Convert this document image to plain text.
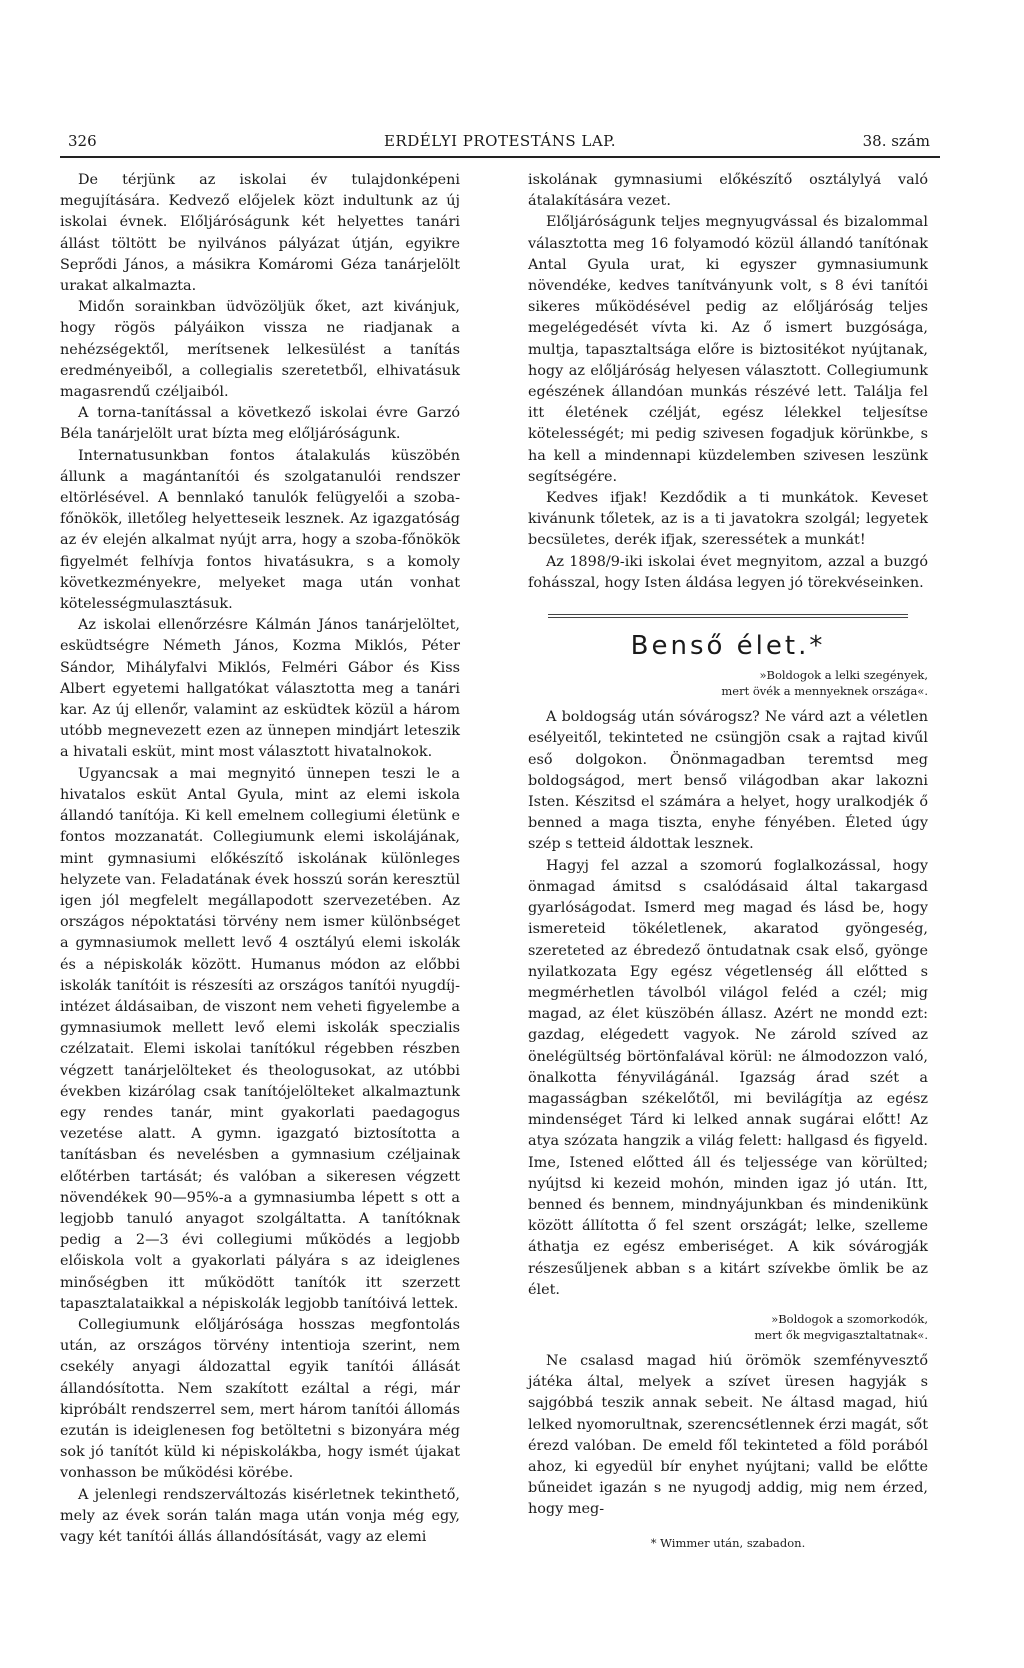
326	ERDÉLYI PROTESTÁNS LAP.	38. szám

De térjünk az iskolai év tulajdonképeni megujítására. Kedvező előjelek közt indultunk az új iskolai évnek. Előljáróságunk két helyettes tanári állást töltött be nyilvános pályázat útján, egyikre Seprődi János, a másikra Komáromi Géza tanárjelölt urakat alkalmazta.

Midőn sorainkban üdvözöljük őket, azt kivánjuk, hogy rögös pályáikon vissza ne riadjanak a nehézségektől, merítsenek lelkesülést a tanítás eredményeiből, a collegialis szeretetből, elhivatásuk magasrendű czéljaiból.

A torna-tanítással a következő iskolai évre Garzó Béla tanárjelölt urat bízta meg előljáróságunk.

Internatusunkban fontos átalakulás küszöbén állunk a magántanítói és szolgatanulói rendszer eltörlésével. A bennlakó tanulók felügyelői a szoba-főnökök, illetőleg helyetteseik lesznek. Az igazgatóság az év elején alkalmat nyújt arra, hogy a szoba-főnökök figyelmét felhívja fontos hivatásukra, s a komoly következményekre, melyeket maga után vonhat kötelességmulasztásuk.

Az iskolai ellenőrzésre Kálmán János tanárjelöltet, esküdtségre Németh János, Kozma Miklós, Péter Sándor, Mihályfalvi Miklós, Felméri Gábor és Kiss Albert egyetemi hallgatókat választotta meg a tanári kar. Az új ellenőr, valamint az esküdtek közül a három utóbb megnevezett ezen az ünnepen mindjárt leteszik a hivatali esküt, mint most választott hivatalnokok.

Ugyancsak a mai megnyitó ünnepen teszi le a hivatalos esküt Antal Gyula, mint az elemi iskola állandó tanítója. Ki kell emelnem collegiumi életünk e fontos mozzanatát. Collegiumunk elemi iskolájának, mint gymnasiumi előkészítő iskolának különleges helyzete van. Feladatának évek hosszú során keresztül igen jól megfelelt megállapodott szervezetében. Az országos népoktatási törvény nem ismer különbséget a gymnasiumok mellett levő 4 osztályú elemi iskolák és a népiskolák között. Humanus módon az előbbi iskolák tanítóit is részesíti az országos tanítói nyugdíj-intézet áldásaiban, de viszont nem veheti figyelembe a gymnasiumok mellett levő elemi iskolák speczialis czélzatait. Elemi iskolai tanítókul régebben részben végzett tanárjelölteket és theologusokat, az utóbbi években kizárólag csak tanítójelölteket alkalmaztunk egy rendes tanár, mint gyakorlati paedagogus vezetése alatt. A gymn. igazgató biztosította a tanításban és nevelésben a gymnasium czéljainak előtérben tartását; és valóban a sikeresen végzett növendékek 90—95%-a a gymnasiumba lépett s ott a legjobb tanuló anyagot szolgáltatta. A tanítóknak pedig a 2—3 évi collegiumi működés a legjobb előiskola volt a gyakorlati pályára s az ideiglenes minőségben itt működött tanítók itt szerzett tapasztalataikkal a népiskolák legjobb tanítóivá lettek.

Collegiumunk előljárósága hosszas megfontolás után, az országos törvény intentioja szerint, nem csekély anyagi áldozattal egyik tanítói állását állandósította. Nem szakított ezáltal a régi, már kipróbált rendszerrel sem, mert három tanítói állomás ezután is ideiglenesen fog betöltetni s bizonyára még sok jó tanítót küld ki népiskolákba, hogy ismét újakat vonhasson be működési körébe.

A jelenlegi rendszerváltozás kisérletnek tekinthető, mely az évek során talán maga után vonja még egy, vagy két tanítói állás állandósítását, vagy az elemi

iskolának gymnasiumi előkészítő osztálylyá való átalakítására vezet.

Előljáróságunk teljes megnyugvással és bizalommal választotta meg 16 folyamodó közül állandó tanítónak Antal Gyula urat, ki egyszer gymnasiumunk növendéke, kedves tanítványunk volt, s 8 évi tanítói sikeres működésével pedig az előljáróság teljes megelégedését vívta ki. Az ő ismert buzgósága, multja, tapasztaltsága előre is biztositékot nyújtanak, hogy az előljáróság helyesen választott. Collegiumunk egészének állandóan munkás részévé lett. Találja fel itt életének czélját, egész lélekkel teljesítse kötelességét; mi pedig szivesen fogadjuk körünkbe, s ha kell a mindennapi küzdelemben szivesen leszünk segítségére.

Kedves ifjak! Kezdődik a ti munkátok. Keveset kivánunk tőletek, az is a ti javatokra szolgál; legyetek becsületes, derék ifjak, szeressétek a munkát!

Az 1898/9-iki iskolai évet megnyitom, azzal a buzgó fohásszal, hogy Isten áldása legyen jó törekvéseinken.

Benső élet.*
»Boldogok a lelki szegények,
mert övék a mennyeknek országa«.

A boldogság után sóvárogsz? Ne várd azt a véletlen esélyeitől, tekinteted ne csüngjön csak a rajtad kivűl eső dolgokon. Önönmagadban teremtsd meg boldogságod, mert benső világodban akar lakozni Isten. Készitsd el számára a helyet, hogy uralkodjék ő benned a maga tiszta, enyhe fényében. Életed úgy szép s tetteid áldottak lesznek.

Hagyj fel azzal a szomorú foglalkozással, hogy önmagad ámitsd s csalódásaid által takargasd gyarlóságodat. Ismerd meg magad és lásd be, hogy ismeretеid tökéletlenek, akaratod gyöngeség, szereteted az ébredező öntudatnak csak első, gyönge nyilatkozata Egy egész végetlenség áll előtted s megmérhetlen távolból világol feléd a czél; mig magad, az élet küszöbén állasz. Azért ne mondd ezt: gazdag, elégedett vagyok. Ne zárold szíved az önelégültség börtönfalával körül: ne álmodozzon való, önalkotta fényvilágánál. Igazság árad szét a magasságban székelőtől, mi bevilágítja az egész mindenséget Tárd ki lelked annak sugárai előtt! Az atya szózata hangzik a világ felett: hallgasd és figyeld. Ime, Istened előtted áll és teljessége van körülted; nyújtsd ki kezeid mohón, minden igaz jó után. Itt, benned és bennem, mindnyájunkban és mindenikünk között állította ő fel szent országát; lelke, szelleme áthatja ez egész emberiséget. A kik sóvárogják részesűljenek abban s a kitárt szívekbe ömlik be az élet.

»Boldogok a szomorkodók,
mert ők megvigasztaltatnak«.

Ne csalasd magad hiú örömök szemfényvesztő játéka által, melyek a szívet üresen hagyják s sajgóbbá teszik annak sebeit. Ne áltasd magad, hiú lelked nyomorultnak, szerencsétlennek érzi magát, sőt érezd valóban. De emeld fől tekinteted a föld porából ahoz, ki egyedül bír enyhet nyújtani; valld be előtte bűneidet igazán s ne nyugodj addig, mig nem érzed, hogy meg-

* Wimmer után, szabadon.
